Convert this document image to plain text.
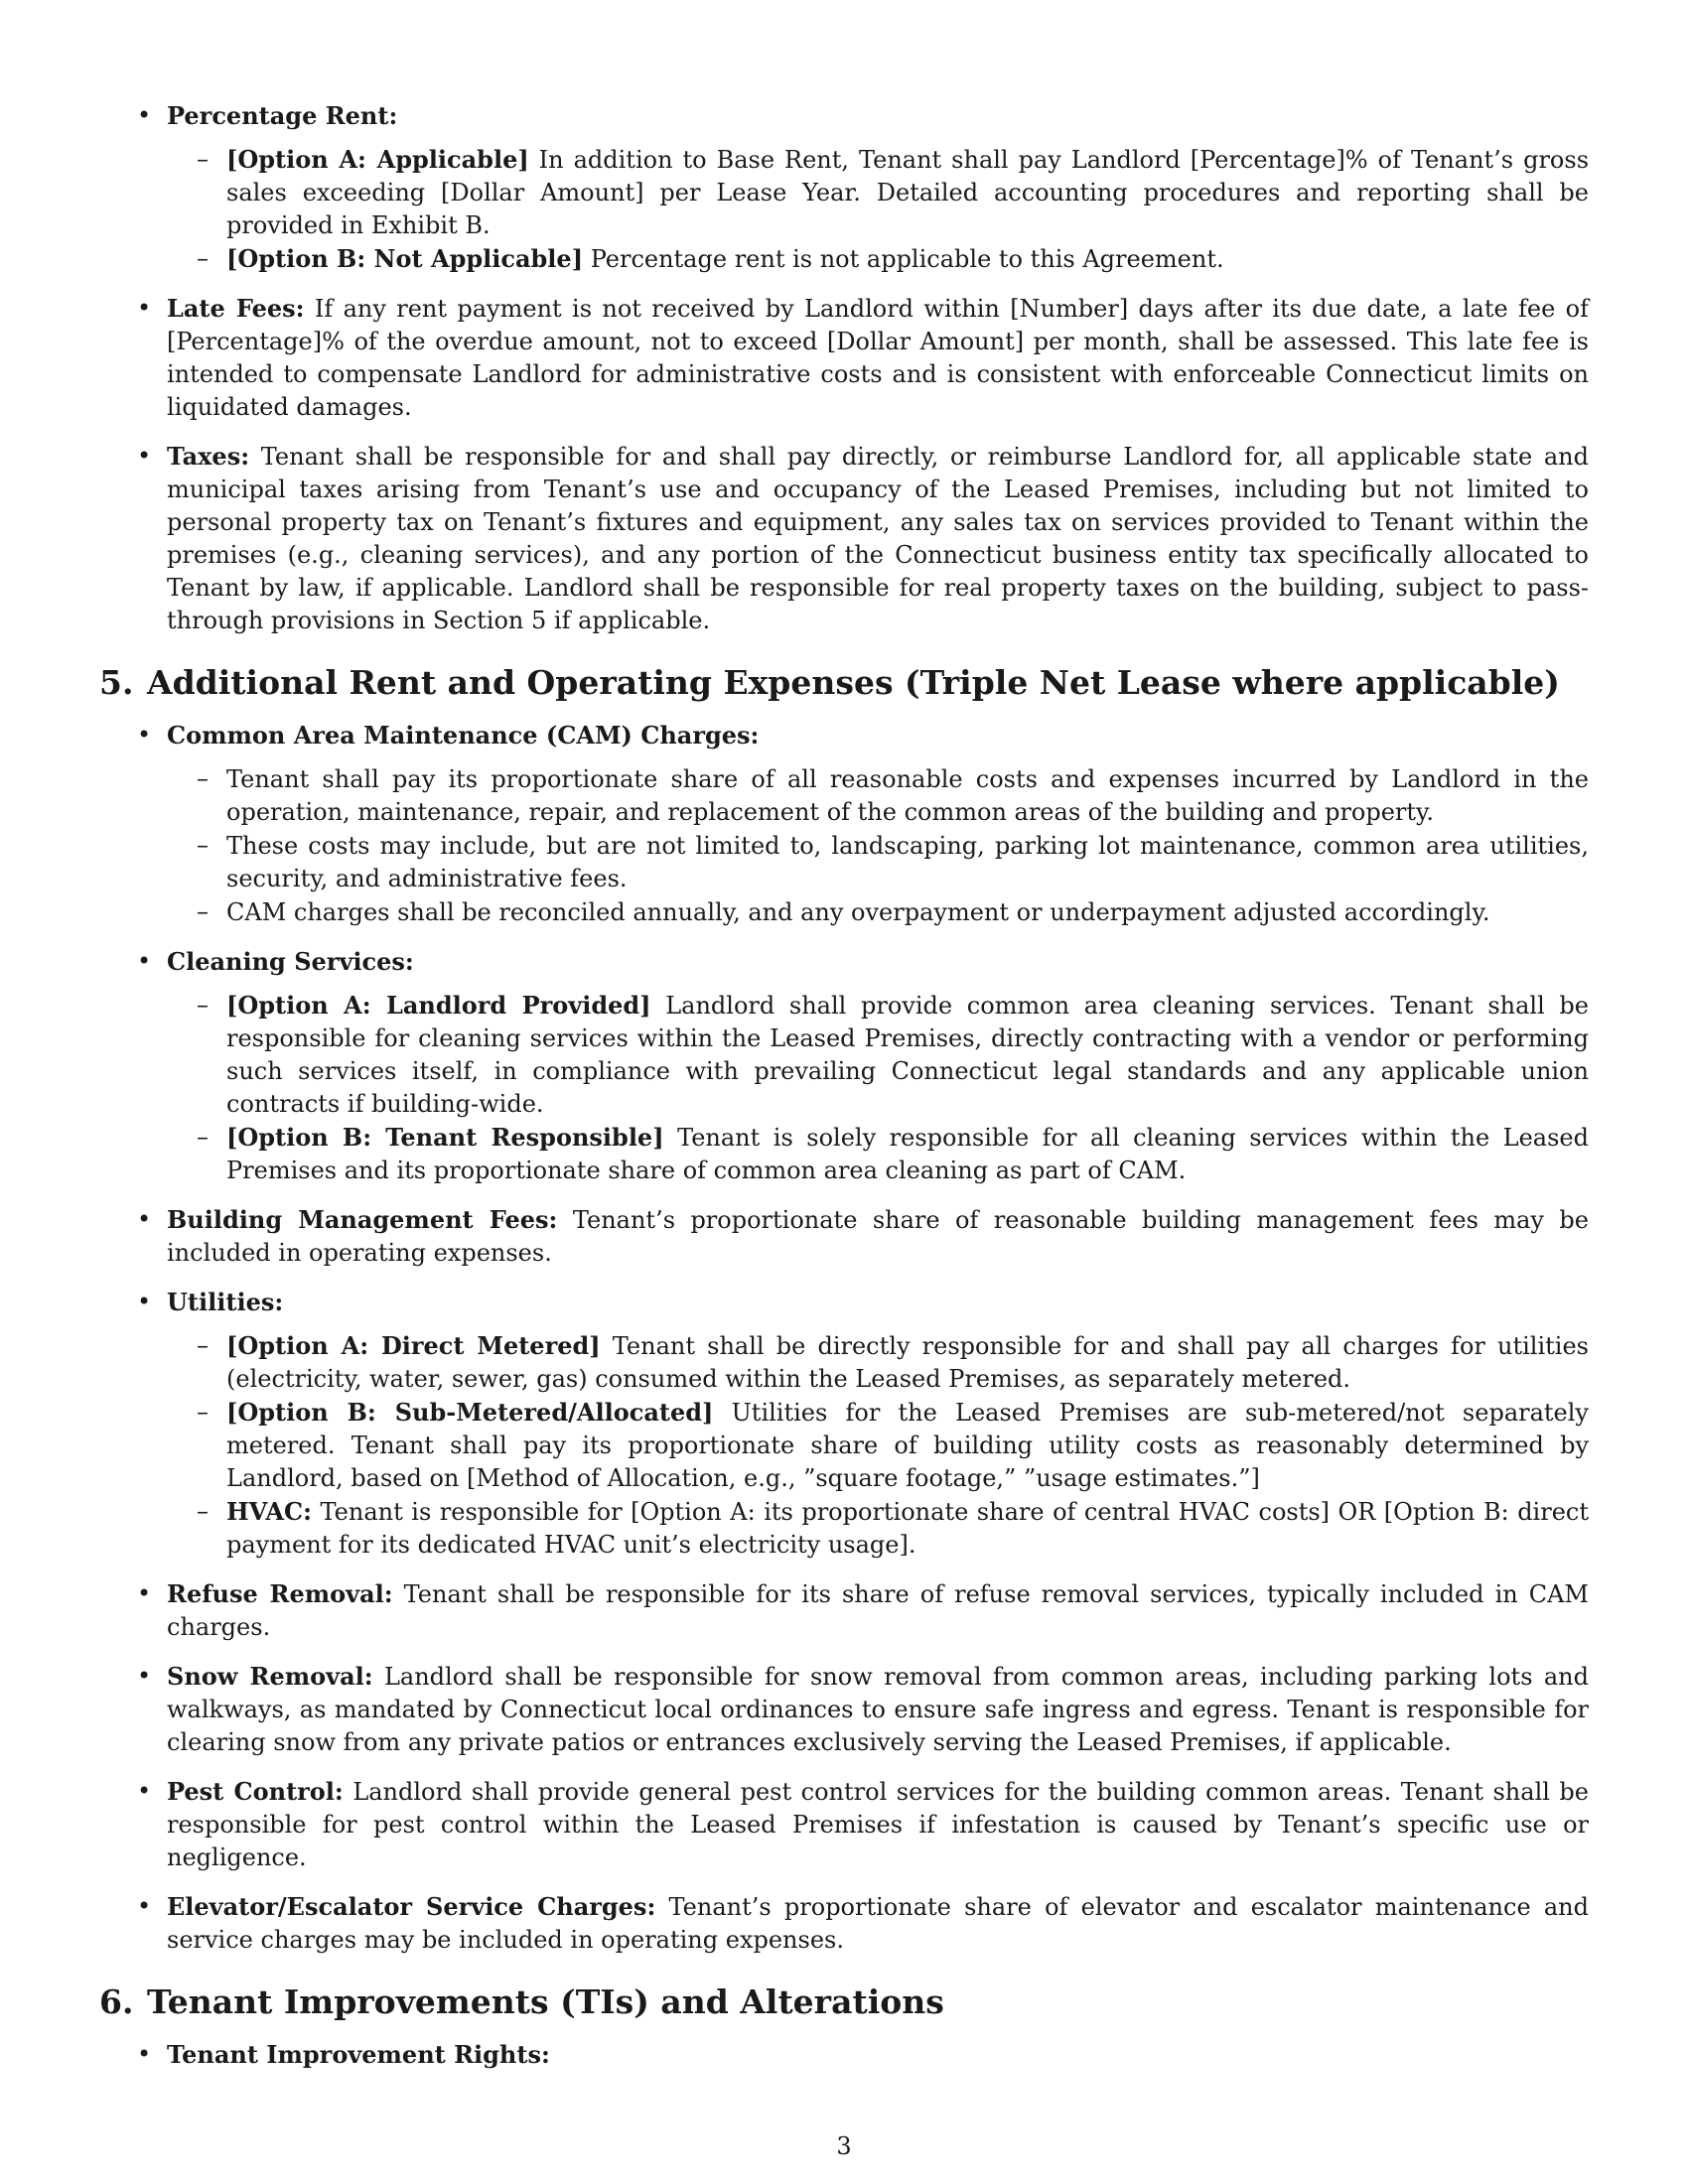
• Percentage Rent:
– [Option A: Applicable] In addition to Base Rent, Tenant shall pay Landlord [Percentage]% of Tenant’s gross sales exceeding [Dollar Amount] per Lease Year. Detailed accounting procedures and reporting shall be provided in Exhibit B.
– [Option B: Not Applicable] Percentage rent is not applicable to this Agreement.
• Late Fees: If any rent payment is not received by Landlord within [Number] days after its due date, a late fee of [Percentage]% of the overdue amount, not to exceed [Dollar Amount] per month, shall be assessed. This late fee is intended to compensate Landlord for administrative costs and is consistent with enforceable Connecticut limits on liquidated damages.
• Taxes: Tenant shall be responsible for and shall pay directly, or reimburse Landlord for, all applicable state and municipal taxes arising from Tenant’s use and occupancy of the Leased Premises, including but not limited to personal property tax on Tenant’s fixtures and equipment, any sales tax on services provided to Tenant within the premises (e.g., cleaning services), and any portion of the Connecticut business entity tax specifically allocated to Tenant by law, if applicable. Landlord shall be responsible for real property taxes on the building, subject to pass-through provisions in Section 5 if applicable.
5. Additional Rent and Operating Expenses (Triple Net Lease where applicable)
• Common Area Maintenance (CAM) Charges:
– Tenant shall pay its proportionate share of all reasonable costs and expenses incurred by Landlord in the operation, maintenance, repair, and replacement of the common areas of the building and property.
– These costs may include, but are not limited to, landscaping, parking lot maintenance, common area utilities, security, and administrative fees.
– CAM charges shall be reconciled annually, and any overpayment or underpayment adjusted accordingly.
• Cleaning Services:
– [Option A: Landlord Provided] Landlord shall provide common area cleaning services. Tenant shall be responsible for cleaning services within the Leased Premises, directly contracting with a vendor or performing such services itself, in compliance with prevailing Connecticut legal standards and any applicable union contracts if building-wide.
– [Option B: Tenant Responsible] Tenant is solely responsible for all cleaning services within the Leased Premises and its proportionate share of common area cleaning as part of CAM.
• Building Management Fees: Tenant’s proportionate share of reasonable building management fees may be included in operating expenses.
• Utilities:
– [Option A: Direct Metered] Tenant shall be directly responsible for and shall pay all charges for utilities (electricity, water, sewer, gas) consumed within the Leased Premises, as separately metered.
– [Option B: Sub-Metered/Allocated] Utilities for the Leased Premises are sub-metered/not separately metered. Tenant shall pay its proportionate share of building utility costs as reasonably determined by Landlord, based on [Method of Allocation, e.g., ”square footage,” ”usage estimates.”]
– HVAC: Tenant is responsible for [Option A: its proportionate share of central HVAC costs] OR [Option B: direct payment for its dedicated HVAC unit’s electricity usage].
• Refuse Removal: Tenant shall be responsible for its share of refuse removal services, typically included in CAM charges.
• Snow Removal: Landlord shall be responsible for snow removal from common areas, including parking lots and walkways, as mandated by Connecticut local ordinances to ensure safe ingress and egress. Tenant is responsible for clearing snow from any private patios or entrances exclusively serving the Leased Premises, if applicable.
• Pest Control: Landlord shall provide general pest control services for the building common areas. Tenant shall be responsible for pest control within the Leased Premises if infestation is caused by Tenant’s specific use or negligence.
• Elevator/Escalator Service Charges: Tenant’s proportionate share of elevator and escalator maintenance and service charges may be included in operating expenses.
6. Tenant Improvements (TIs) and Alterations
• Tenant Improvement Rights:
3
